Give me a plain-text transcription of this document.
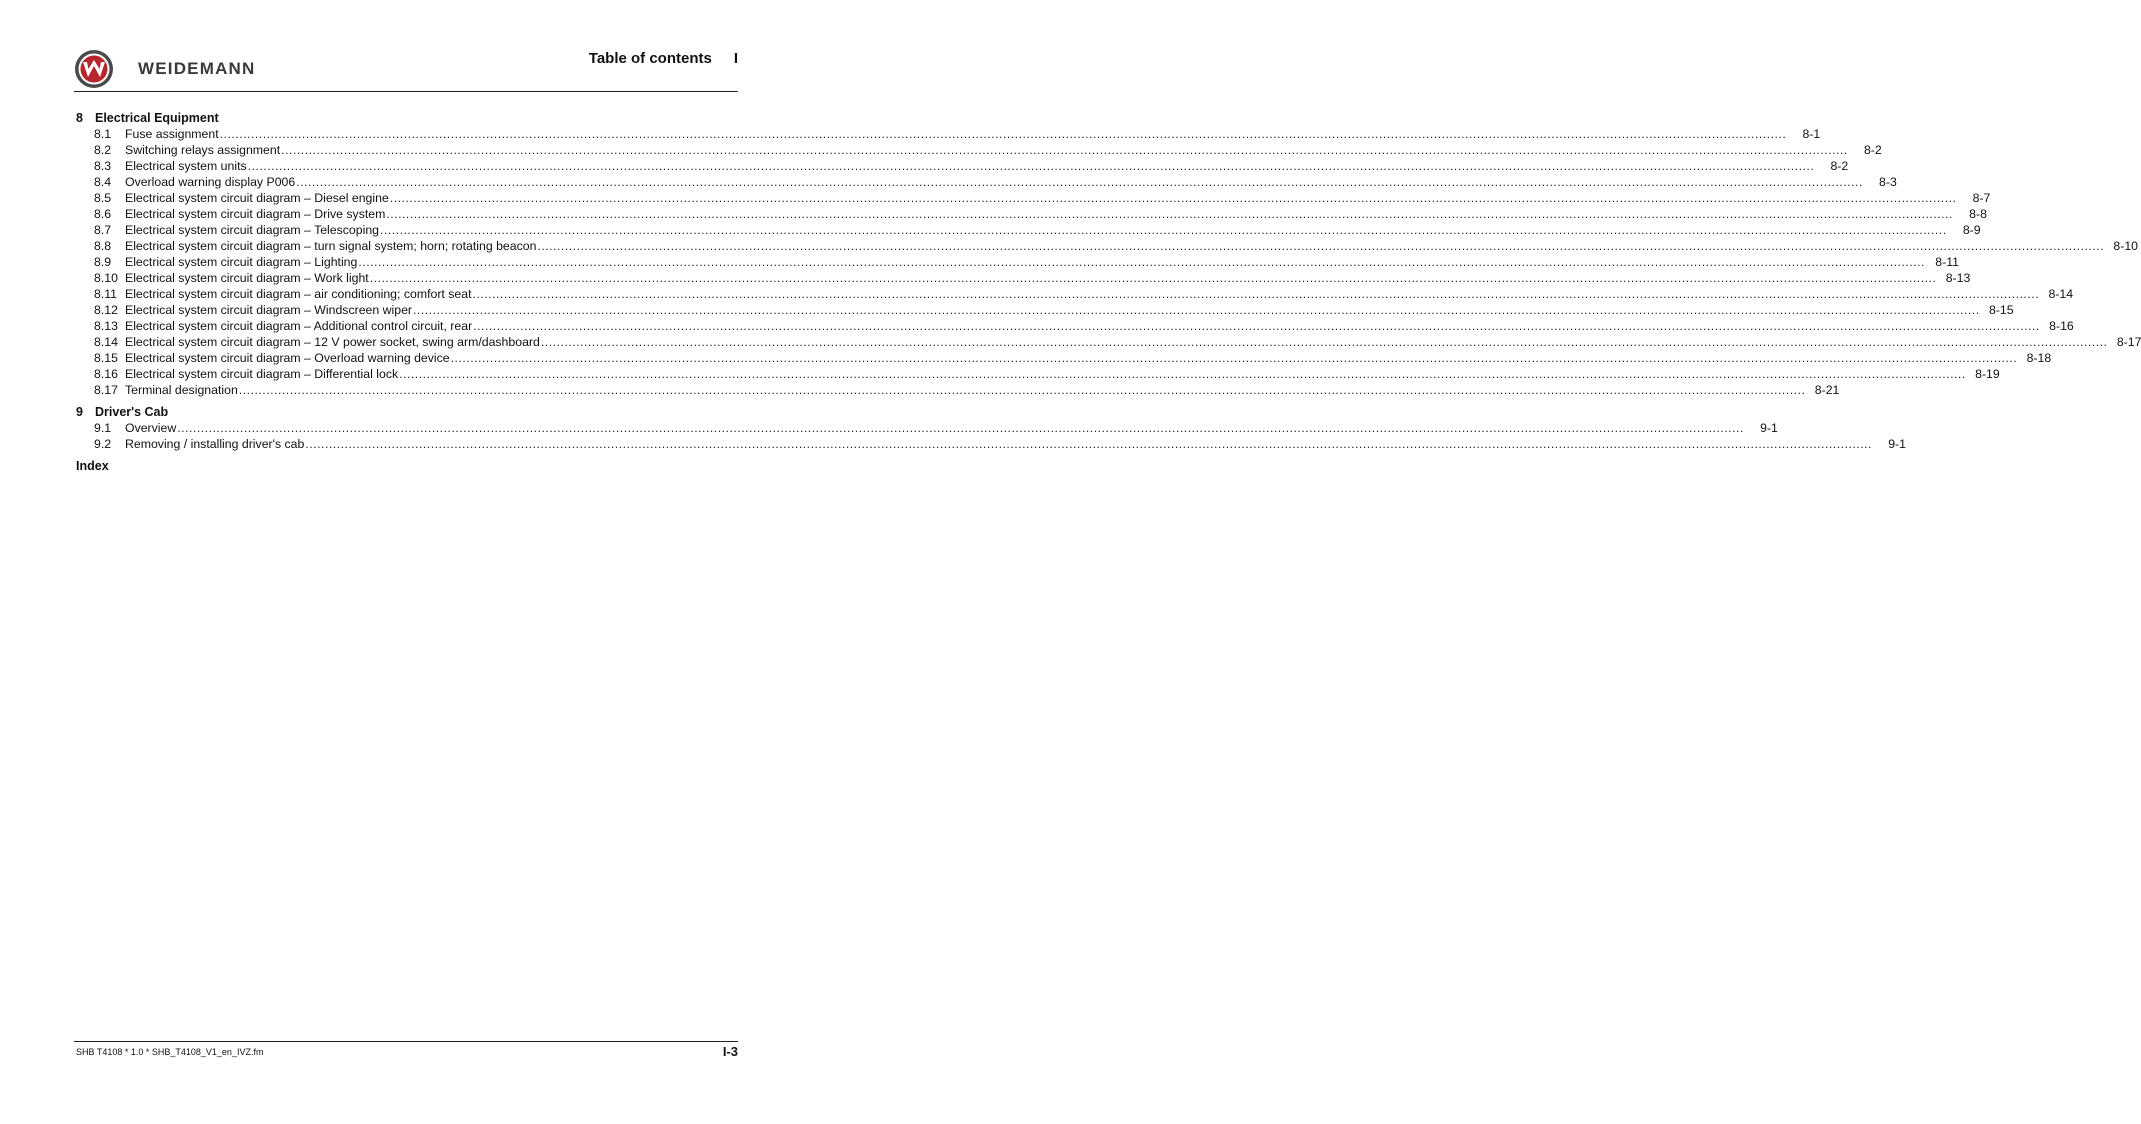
WEIDEMANN
Table of contents I
8 Electrical Equipment
8.1	Fuse assignment ................................................................................................................................................................................................................................................................................................................................................................................................................	8-1
8.2	Switching relays assignment ................................................................................................................................................................................................................................................................................................................................................................................................................	8-2
8.3	Electrical system units ................................................................................................................................................................................................................................................................................................................................................................................................................	8-2
8.4	Overload warning display P006 ................................................................................................................................................................................................................................................................................................................................................................................................................	8-3
8.5	Electrical system circuit diagram – Diesel engine ................................................................................................................................................................................................................................................................................................................................................................................................................	8-7
8.6	Electrical system circuit diagram – Drive system ................................................................................................................................................................................................................................................................................................................................................................................................................	8-8
8.7	Electrical system circuit diagram – Telescoping ................................................................................................................................................................................................................................................................................................................................................................................................................	8-9
8.8	Electrical system circuit diagram – turn signal system; horn; rotating beacon ................................................................................................................................................................................................................................................................................................................................................................................................................ 8-10
8.9	Electrical system circuit diagram – Lighting ................................................................................................................................................................................................................................................................................................................................................................................................................ 8-11
8.10 Electrical system circuit diagram – Work light ................................................................................................................................................................................................................................................................................................................................................................................................................ 8-13
8.11 Electrical system circuit diagram – air conditioning; comfort seat ................................................................................................................................................................................................................................................................................................................................................................................................................ 8-14
8.12 Electrical system circuit diagram – Windscreen wiper ................................................................................................................................................................................................................................................................................................................................................................................................................ 8-15
8.13 Electrical system circuit diagram – Additional control circuit, rear ................................................................................................................................................................................................................................................................................................................................................................................................................ 8-16
8.14 Electrical system circuit diagram – 12 V power socket, swing arm/dashboard ................................................................................................................................................................................................................................................................................................................................................................................................................ 8-17
8.15 Electrical system circuit diagram – Overload warning device ................................................................................................................................................................................................................................................................................................................................................................................................................ 8-18
8.16 Electrical system circuit diagram – Differential lock ................................................................................................................................................................................................................................................................................................................................................................................................................ 8-19
8.17 Terminal designation ................................................................................................................................................................................................................................................................................................................................................................................................................ 8-21
9 Driver's Cab
9.1	Overview ................................................................................................................................................................................................................................................................................................................................................................................................................	9-1
9.2	Removing / installing driver's cab ................................................................................................................................................................................................................................................................................................................................................................................................................	9-1
Index
SHB T4108 * 1.0 * SHB_T4108_V1_en_IVZ.fm	I-3
